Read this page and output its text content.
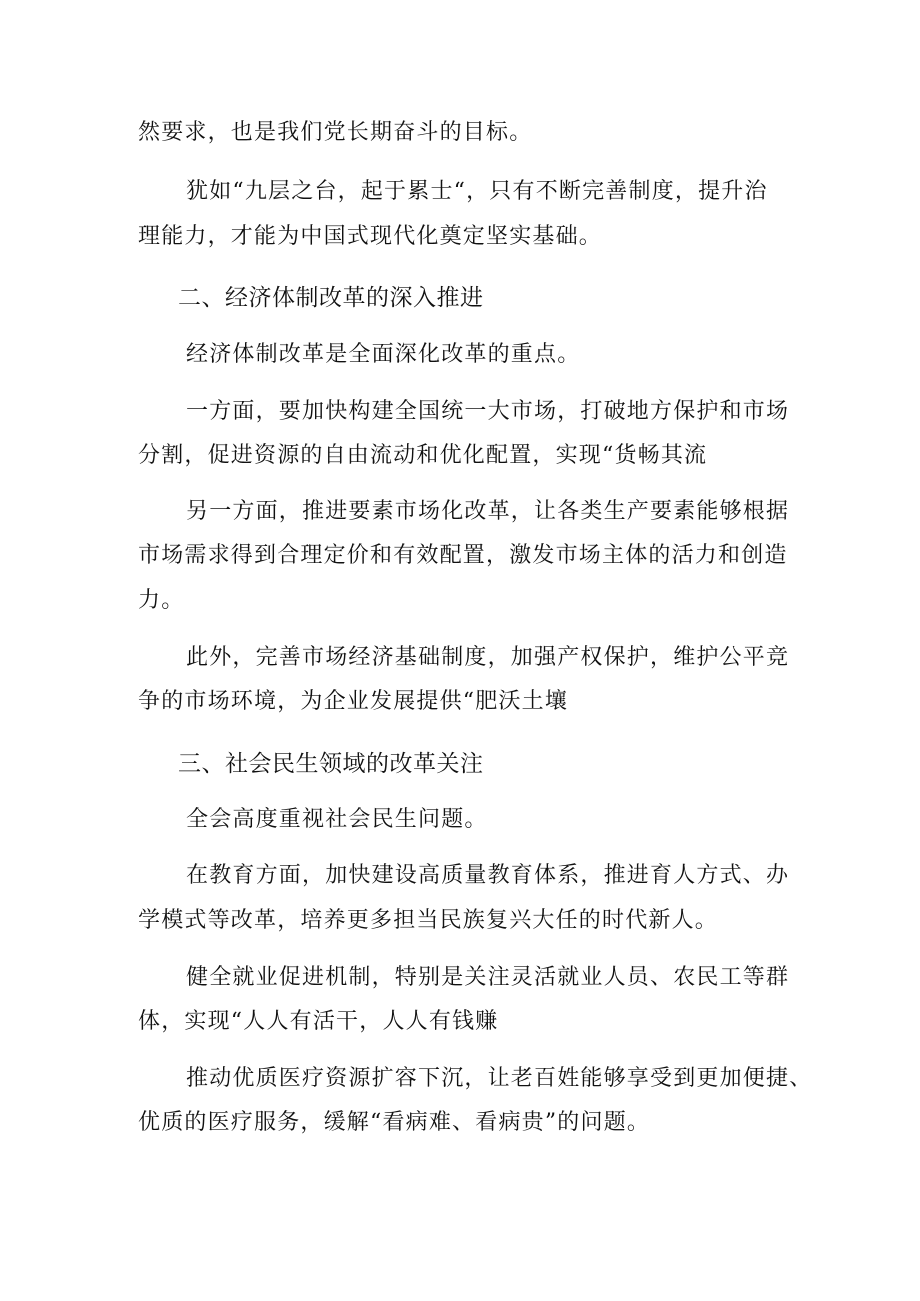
然要求，也是我们党长期奋斗的目标。
犹如“九层之台，起于累士“，只有不断完善制度，提升治
理能力，才能为中国式现代化奠定坚实基础。
二、经济体制改革的深入推进
经济体制改革是全面深化改革的重点。
一方面，要加快构建全国统一大市场，打破地方保护和市场
分割，促进资源的自由流动和优化配置，实现“货畅其流
另一方面，推进要素市场化改革，让各类生产要素能够根据
市场需求得到合理定价和有效配置，激发市场主体的活力和创造
力。
此外，完善市场经济基础制度，加强产权保护，维护公平竞
争的市场环境，为企业发展提供“肥沃土壤
三、社会民生领域的改革关注
全会高度重视社会民生问题。
在教育方面，加快建设高质量教育体系，推进育人方式、办
学模式等改革，培养更多担当民族复兴大任的时代新人。
健全就业促进机制，特别是关注灵活就业人员、农民工等群
体，实现“人人有活干，人人有钱赚
推动优质医疗资源扩容下沉，让老百姓能够享受到更加便捷、
优质的医疗服务，缓解“看病难、看病贵”的问题。
